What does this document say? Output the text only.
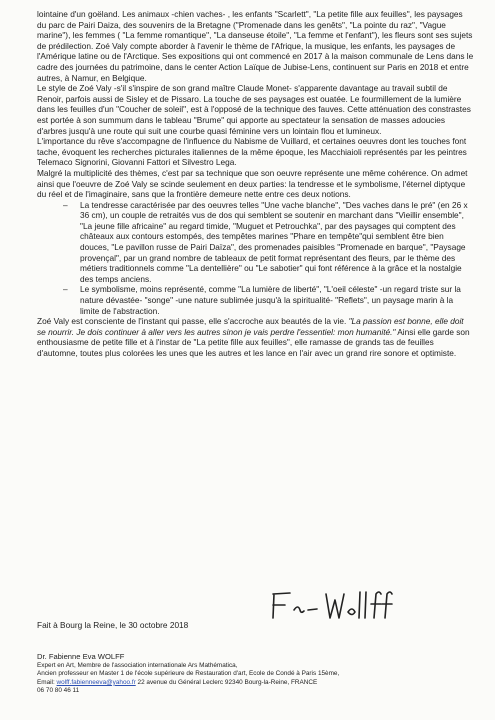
lointaine d'un goëland. Les animaux -chien vaches- , les enfants "Scarlett", "La petite fille aux feuilles", les paysages du parc de Pairi Daiza, des souvenirs de la Bretagne ("Promenade dans les genêts", "La pointe du raz", "Vague marine"), les femmes ( "La femme romantique", "La danseuse étoile", "La femme et l'enfant"), les fleurs sont ses sujets de prédilection. Zoé Valy compte aborder à l'avenir le thème de l'Afrique, la musique, les enfants, les paysages de l'Amérique latine ou de l'Arctique. Ses expositions qui ont commencé en 2017 à la maison communale de Lens dans le cadre des journées du patrimoine, dans le center Action Laïque de Jubise-Lens, continuent sur Paris en 2018 et entre autres, à Namur, en Belgique.

Le style de Zoé Valy -s'il s'inspire de son grand maître Claude Monet- s'apparente davantage au travail subtil de Renoir, parfois aussi de Sisley et de Pissaro. La touche de ses paysages est ouatée. Le fourmillement de la lumière dans les feuilles d'un "Coucher de soleil", est à l'opposé de la technique des fauves. Cette atténuation des constrastes est portée à son summum dans le tableau "Brume" qui apporte au spectateur la sensation de masses adoucies d'arbres jusqu'à une route qui suit une courbe quasi féminine vers un lointain flou et lumineux.

L'importance du rêve s'accompagne de l'influence du Nabisme de Vuillard, et certaines oeuvres dont les touches font tache, évoquent les recherches picturales italiennes de la même époque, les Macchiaioli représentés par les peintres Telemaco Signorini, Giovanni Fattori et Silvestro Lega.

Malgré la multiplicité des thèmes, c'est par sa technique que son oeuvre représente une même cohérence. On admet ainsi que l'oeuvre de Zoé Valy se scinde seulement en deux parties: la tendresse et le symbolisme, l'éternel diptyque du réel et de l'imaginaire, sans que la frontière demeure nette entre ces deux notions.

– La tendresse caractérisée par des oeuvres telles "Une vache blanche", "Des vaches dans le pré" (en 26 x 36 cm), un couple de retraités vus de dos qui semblent se soutenir en marchant dans "Vieillir ensemble", "La jeune fille africaine" au regard timide, "Muguet et Petrouchka", par des paysages qui comptent des châteaux aux contours estompés, des tempêtes marines "Phare en tempête"qui semblent être bien douces, "Le pavillon russe de Pairi Daïza", des promenades paisibles "Promenade en barque", "Paysage provençal", par un grand nombre de tableaux de petit format représentant des fleurs, par le thème des métiers traditionnels comme "La dentellière" ou "Le sabotier" qui font référence à la grâce et la nostalgie des temps anciens.
– Le symbolisme, moins représenté, comme "La lumière de liberté", "L'oeil céleste" -un regard triste sur la nature dévastée- "songe" -une nature sublimée jusqu'à la spiritualité- "Reflets", un paysage marin à la limite de l'abstraction.

Zoé Valy est consciente de l'instant qui passe, elle s'accroche aux beautés de la vie. "La passion est bonne, elle doit se nourrir. Je dois continuer à aller vers les autres sinon je vais perdre l'essentiel: mon humanité." Ainsi elle garde son enthousiasme de petite fille et à l'instar de "La petite fille aux feuilles", elle ramasse de grands tas de feuilles d'automne, toutes plus colorées les unes que les autres et les lance en l'air avec un grand rire sonore et optimiste.

Fait à Bourg la Reine, le 30 octobre 2018
Dr. Fabienne Eva WOLFF
Expert en Art, Membre de l'association internationale Ars Mathématica,
Ancien professeur en Master 1 de l'école supérieure de Restauration d'art, Ecole de Condé à Paris 15ème,
Email: wolff.fabienneeva@yahoo.fr 22 avenue du Général Leclerc 92340 Bourg-la-Reine, FRANCE
06 70 80 46 11
